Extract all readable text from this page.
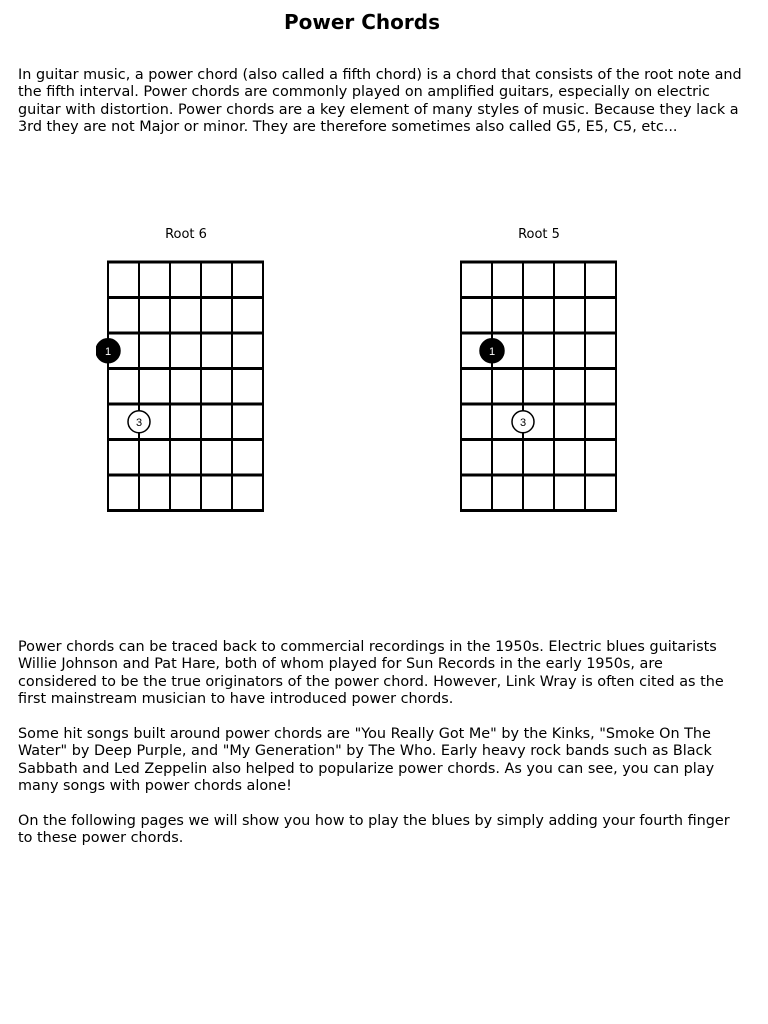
Power Chords

In guitar music, a power chord (also called a fifth chord) is a chord that consists of the root note and the fifth interval. Power chords are commonly played on amplified guitars, especially on electric guitar with distortion. Power chords are a key element of many styles of music. Because they lack a 3rd they are not Major or minor. They are therefore sometimes also called G5, E5, C5, etc...

Root 6	Root 5
1
3
1
3

Power chords can be traced back to commercial recordings in the 1950s. Electric blues guitarists Willie Johnson and Pat Hare, both of whom played for Sun Records in the early 1950s, are considered to be the true originators of the power chord. However, Link Wray is often cited as the first mainstream musician to have introduced power chords.

Some hit songs built around power chords are "You Really Got Me" by the Kinks, "Smoke On The Water" by Deep Purple, and "My Generation" by The Who. Early heavy rock bands such as Black Sabbath and Led Zeppelin also helped to popularize power chords. As you can see, you can play many songs with power chords alone!

On the following pages we will show you how to play the blues by simply adding your fourth finger to these power chords.
